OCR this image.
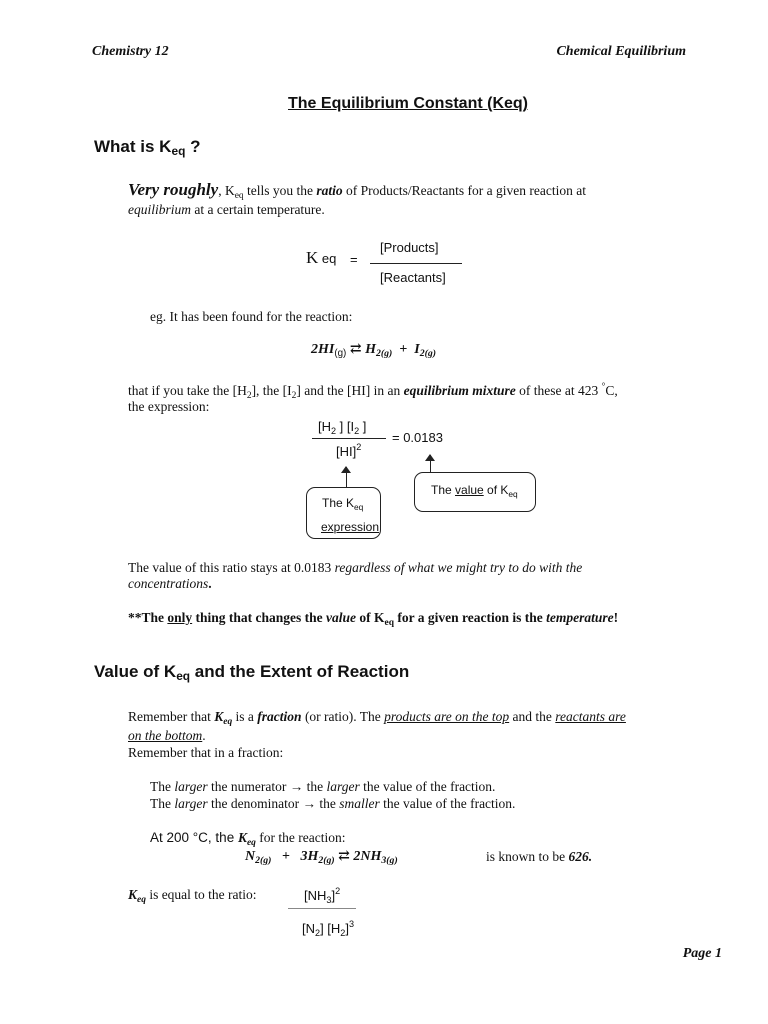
Chemistry 12	Chemical Equilibrium
The Equilibrium Constant (Keq)
What is $K_{eq}$ ?
Very roughly, $K_{eq}$ tells you the ratio of Products/Reactants for a given reaction at
equilibrium at a certain temperature.
K eq =
[Products]
[Reactants]
eg. It has been found for the reaction:
$2HI_{(g)}$ ⇄ $H_{2(g)} + I_{2(g)}$
that if you take the $[H_2]$, the $[I_2]$ and the [HI] in an equilibrium mixture of these at 423 °C,
the expression:
[$H_2$ ] [$I_2$ ]
[HI]$^2$
= 0.0183
The $K_{eq}$
expression
The value of $K_{eq}$
The value of this ratio stays at 0.0183 regardless of what we might try to do with the
concentrations.
**The only thing that changes the value of $K_{eq}$ for a given reaction is the temperature!
Value of $K_{eq}$ and the Extent of Reaction
Remember that $K_{eq}$ is a fraction (or ratio). The products are on the top and the reactants are
on the bottom.
Remember that in a fraction:
The larger the numerator → the larger the value of the fraction.
The larger the denominator → the smaller the value of the fraction.
At 200 °C, the $K_{eq}$ for the reaction:
$N_{2(g)} + 3H_{2(g)}$ ⇄ $2NH_{3(g)}$	is known to be 626.
$K_{eq}$ is equal to the ratio:	$[NH_3]^2$
$[N_2]$ $[H_2]^3$
Page 1
